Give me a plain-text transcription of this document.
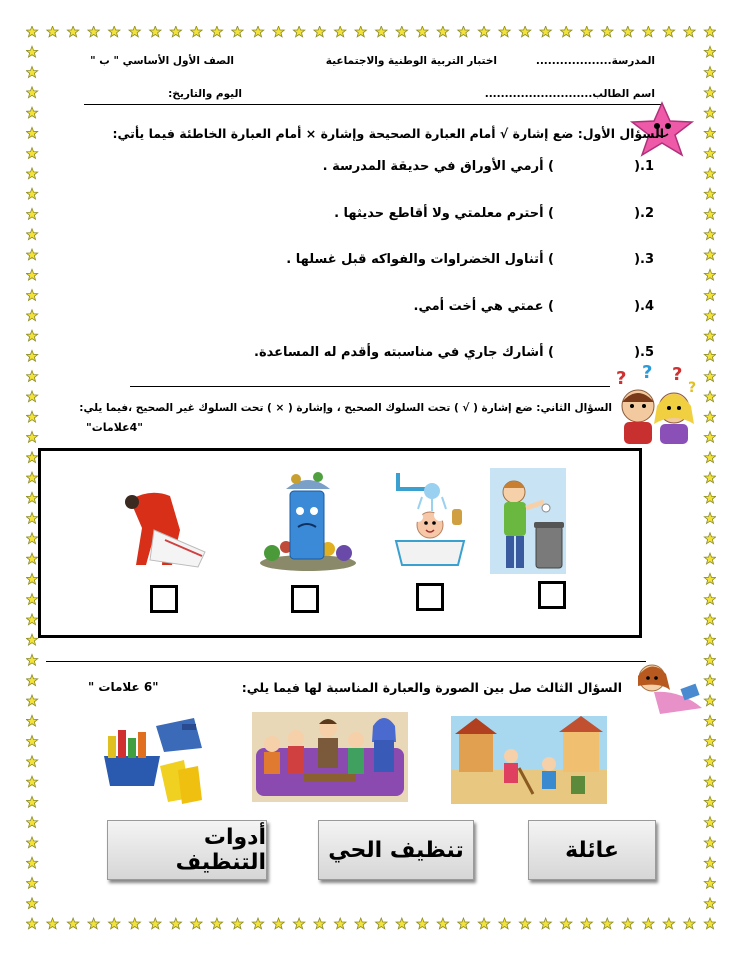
المدرسة...................
اختبار التربية الوطنية والاجتماعية
الصف الأول الأساسي " ب "
اسم الطالب...........................
اليوم والتاريخ:
السؤال الأول: ضع إشارة √ أمام العبارة الصحيحة وإشارة × أمام العبارة الخاطئة فيما يأتي:
1.(
) أرمي الأوراق في حديقة المدرسة .
2.(
) أحترم معلمتي ولا أقاطع حديثها .
3.(
) أتناول الخضراوات والفواكه قبل غسلها .
4.(
) عمتي هي أخت أمي.
5.(
) أشارك جاري في مناسبته وأقدم له المساعدة.
? ? ?
?
السؤال الثاني: ضع إشارة ( √ ) تحت السلوك الصحيح ، وإشارة ( × ) تحت السلوك غير الصحيح ،فيما يلي:
"4علامات"
السؤال الثالث صل بين الصورة والعبارة المناسبة لها فيما يلي:
"6 علامات "
عائلة
تنظيف الحي
أدوات التنظيف
